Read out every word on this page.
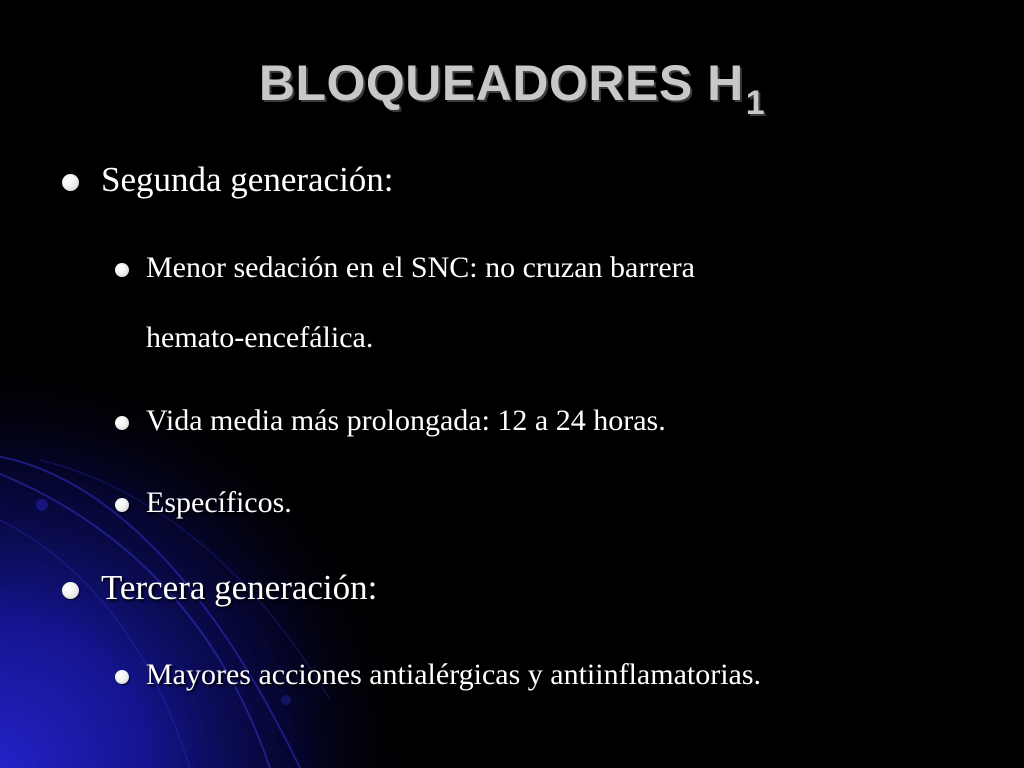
BLOQUEADORES $H_1$
Segunda generación:
Menor sedación en el SNC: no cruzan barrera
hemato-encefálica.
Vida media más prolongada: 12 a 24 horas.
Específicos.
Tercera generación:
Mayores acciones antialérgicas y antiinflamatorias.
